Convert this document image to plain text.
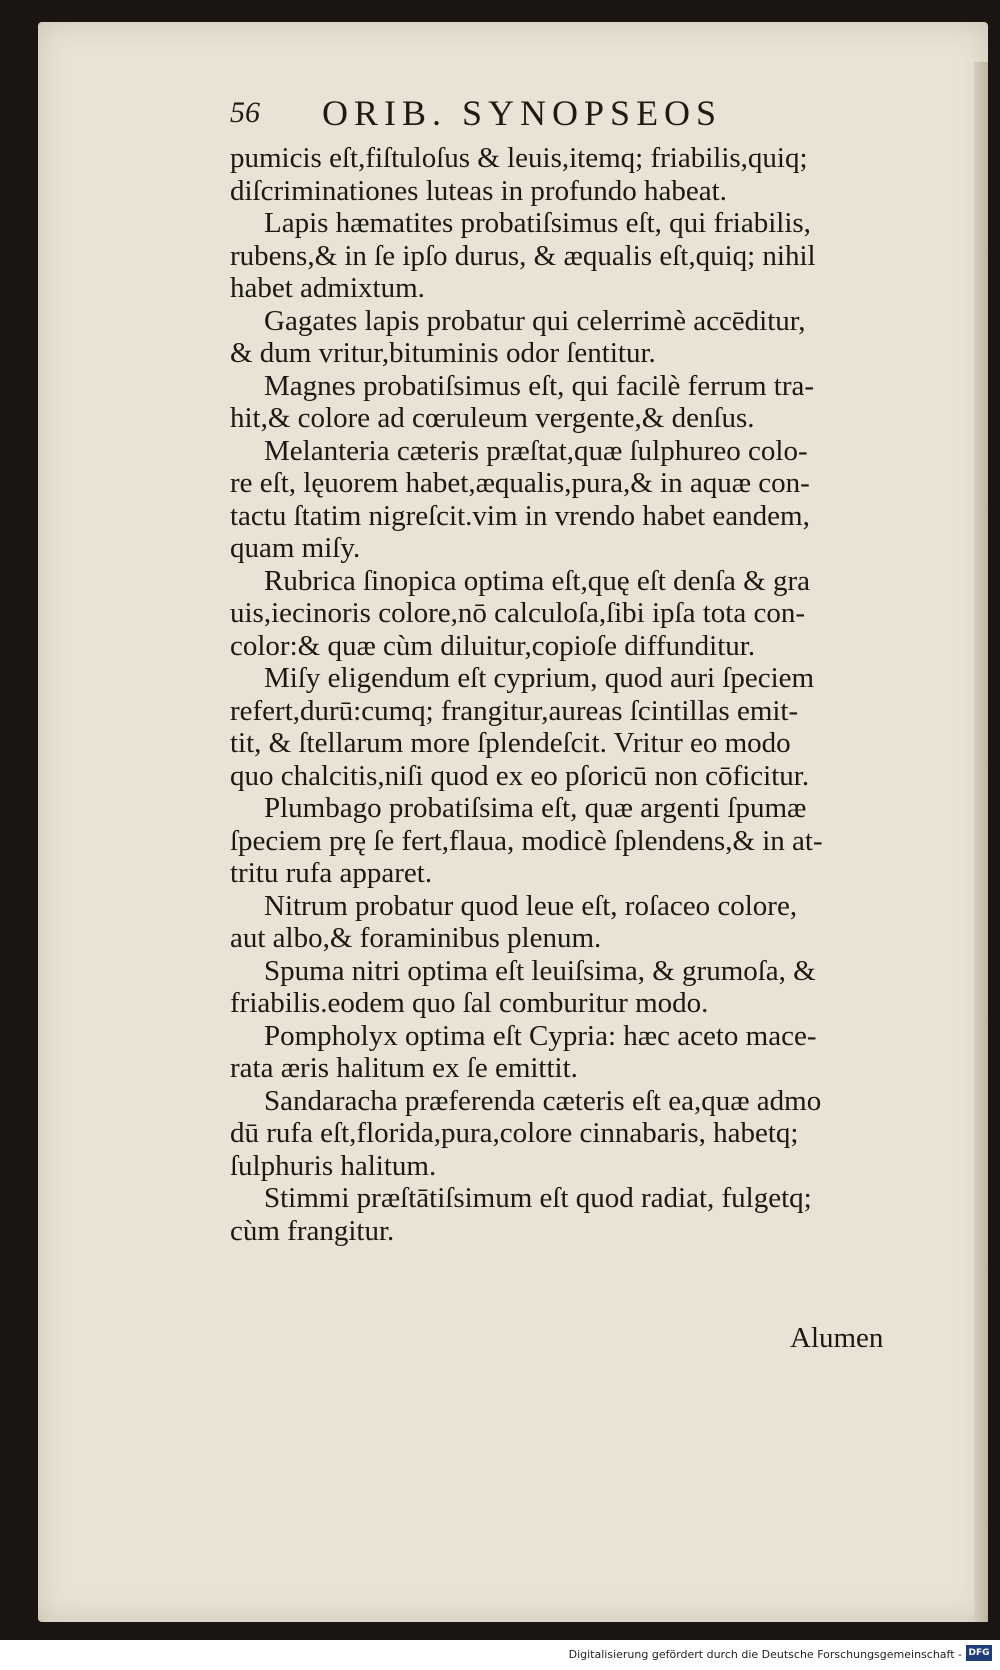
56 ORIB. SYNOPSEOS
pumicis eſt,fiſtuloſus & leuis,itemq; friabilis,quiq;
diſcriminationes luteas in profundo habeat.
Lapis hæmatites probatiſsimus eſt, qui friabilis,
rubens,& in ſe ipſo durus, & æqualis eſt,quiq; nihil
habet admixtum.
Gagates lapis probatur qui celerrimè accēditur,
& dum vritur,bituminis odor ſentitur.
Magnes probatiſsimus eſt, qui facilè ferrum tra-
hit,& colore ad cœruleum vergente,& denſus.
Melanteria cæteris præſtat,quæ ſulphureo colo-
re eſt, lęuorem habet,æqualis,pura,& in aquæ con-
tactu ſtatim nigreſcit.vim in vrendo habet eandem,
quam miſy.
Rubrica ſinopica optima eſt,quę eſt denſa & gra
uis,iecinoris colore,nō calculoſa,ſibi ipſa tota con-
color:& quæ cùm diluitur,copioſe diffunditur.
Miſy eligendum eſt cyprium, quod auri ſpeciem
refert,durū:cumq; frangitur,aureas ſcintillas emit-
tit, & ſtellarum more ſplendeſcit. Vritur eo modo
quo chalcitis,niſi quod ex eo pſoricū non cōficitur.
Plumbago probatiſsima eſt, quæ argenti ſpumæ
ſpeciem prę ſe fert,flaua, modicè ſplendens,& in at-
tritu rufa apparet.
Nitrum probatur quod leue eſt, roſaceo colore,
aut albo,& foraminibus plenum.
Spuma nitri optima eſt leuiſsima, & grumoſa, &
friabilis.eodem quo ſal comburitur modo.
Pompholyx optima eſt Cypria: hæc aceto mace-
rata æris halitum ex ſe emittit.
Sandaracha præferenda cæteris eſt ea,quæ admo
dū rufa eſt,florida,pura,colore cinnabaris, habetq;
ſulphuris halitum.
Stimmi præſtātiſsimum eſt quod radiat, fulgetq;
cùm frangitur.
Alumen
Digitalisierung gefördert durch die Deutsche Forschungsgemeinschaft - DFG
